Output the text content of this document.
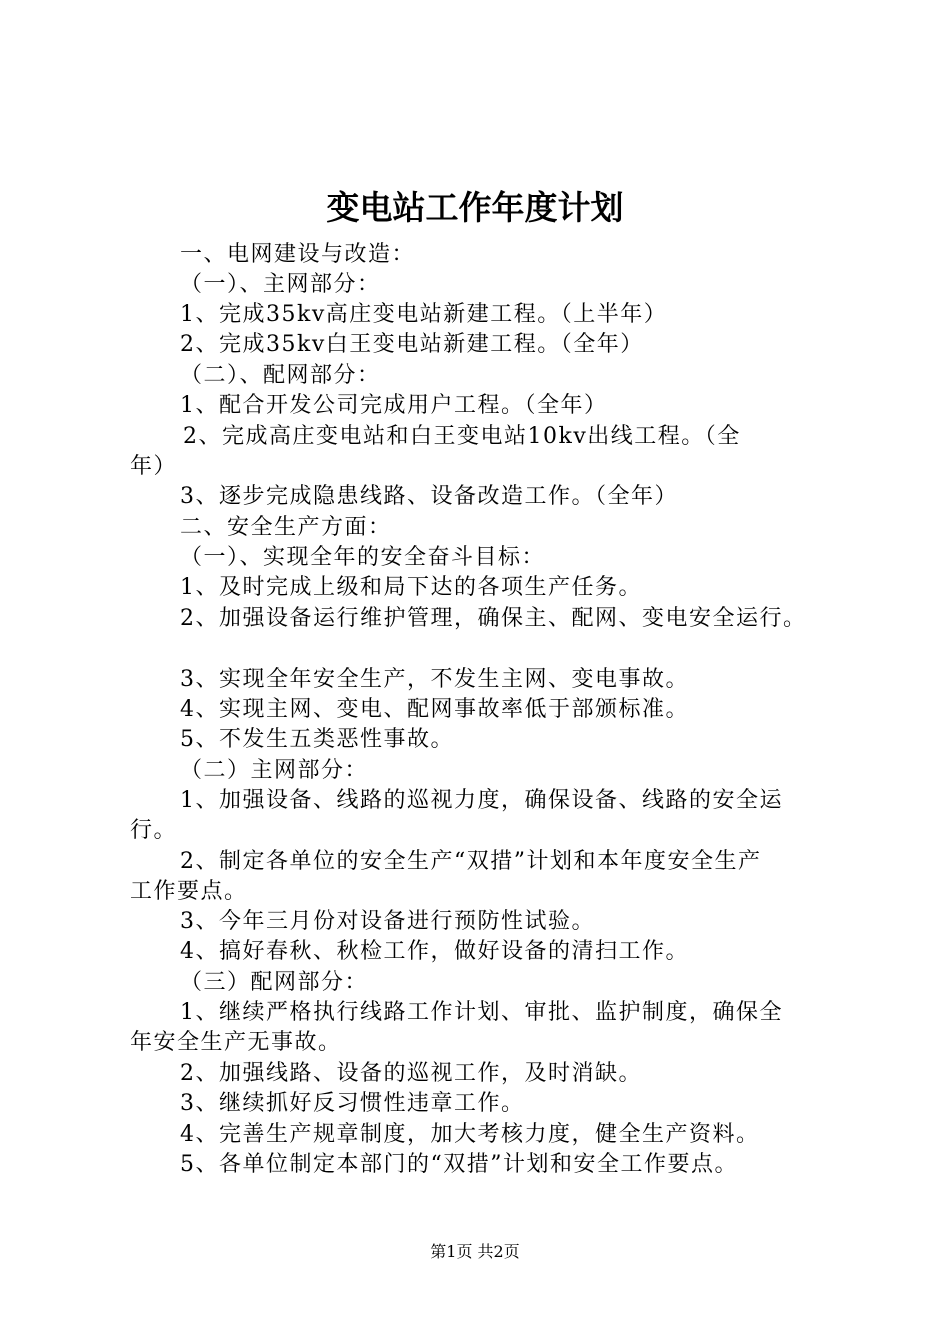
变电站工作年度计划
一、电网建设与改造：
（一）、主网部分：
1、完成35kv高庄变电站新建工程。（上半年）
2、完成35kv白王变电站新建工程。（全年）
（二）、配网部分：
1、配合开发公司完成用户工程。（全年）
2、完成高庄变电站和白王变电站10kv出线工程。（全
年）
3、逐步完成隐患线路、设备改造工作。（全年）
二、安全生产方面：
（一）、实现全年的安全奋斗目标：
1、及时完成上级和局下达的各项生产任务。
2、加强设备运行维护管理，确保主、配网、变电安全运行。
3、实现全年安全生产，不发生主网、变电事故。
4、实现主网、变电、配网事故率低于部颁标准。
5、不发生五类恶性事故。
（二）主网部分：
1、加强设备、线路的巡视力度，确保设备、线路的安全运
行。
2、制定各单位的安全生产“双措”计划和本年度安全生产
工作要点。
3、今年三月份对设备进行预防性试验。
4、搞好春秋、秋检工作，做好设备的清扫工作。
（三）配网部分：
1、继续严格执行线路工作计划、审批、监护制度，确保全
年安全生产无事故。
2、加强线路、设备的巡视工作，及时消缺。
3、继续抓好反习惯性违章工作。
4、完善生产规章制度，加大考核力度，健全生产资料。
5、各单位制定本部门的“双措”计划和安全工作要点。
第1页 共2页
